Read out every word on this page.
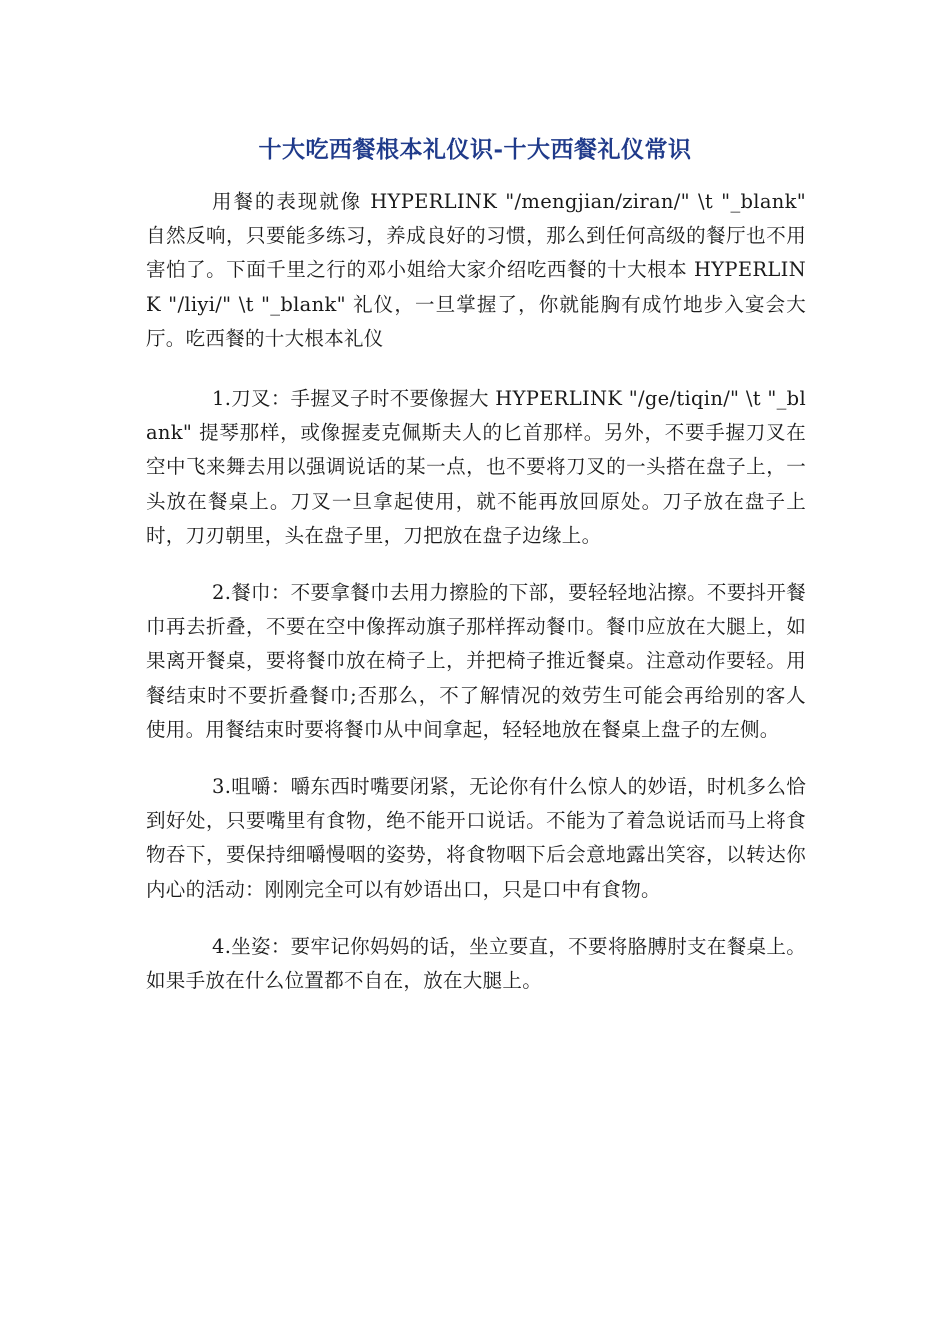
十大吃西餐根本礼仪识-十大西餐礼仪常识

用餐的表现就像 HYPERLINK "/mengjian/ziran/" \t "_blank" 自然反响，只要能多练习，养成良好的习惯，那么到任何高级的餐厅也不用害怕了。下面千里之行的邓小姐给大家介绍吃西餐的十大根本 HYPERLINK "/liyi/" \t "_blank" 礼仪，一旦掌握了，你就能胸有成竹地步入宴会大厅。吃西餐的十大根本礼仪

1.刀叉：手握叉子时不要像握大 HYPERLINK "/ge/tiqin/" \t "_blank" 提琴那样，或像握麦克佩斯夫人的匕首那样。另外，不要手握刀叉在空中飞来舞去用以强调说话的某一点，也不要将刀叉的一头搭在盘子上，一头放在餐桌上。刀叉一旦拿起使用，就不能再放回原处。刀子放在盘子上时，刀刃朝里，头在盘子里，刀把放在盘子边缘上。

2.餐巾：不要拿餐巾去用力擦脸的下部，要轻轻地沾擦。不要抖开餐巾再去折叠，不要在空中像挥动旗子那样挥动餐巾。餐巾应放在大腿上，如果离开餐桌，要将餐巾放在椅子上，并把椅子推近餐桌。注意动作要轻。用餐结束时不要折叠餐巾;否那么，不了解情况的效劳生可能会再给别的客人使用。用餐结束时要将餐巾从中间拿起，轻轻地放在餐桌上盘子的左侧。

3.咀嚼：嚼东西时嘴要闭紧，无论你有什么惊人的妙语，时机多么恰到好处，只要嘴里有食物，绝不能开口说话。不能为了着急说话而马上将食物吞下，要保持细嚼慢咽的姿势，将食物咽下后会意地露出笑容，以转达你内心的活动：刚刚完全可以有妙语出口，只是口中有食物。

4.坐姿：要牢记你妈妈的话，坐立要直，不要将胳膊肘支在餐桌上。如果手放在什么位置都不自在，放在大腿上。
